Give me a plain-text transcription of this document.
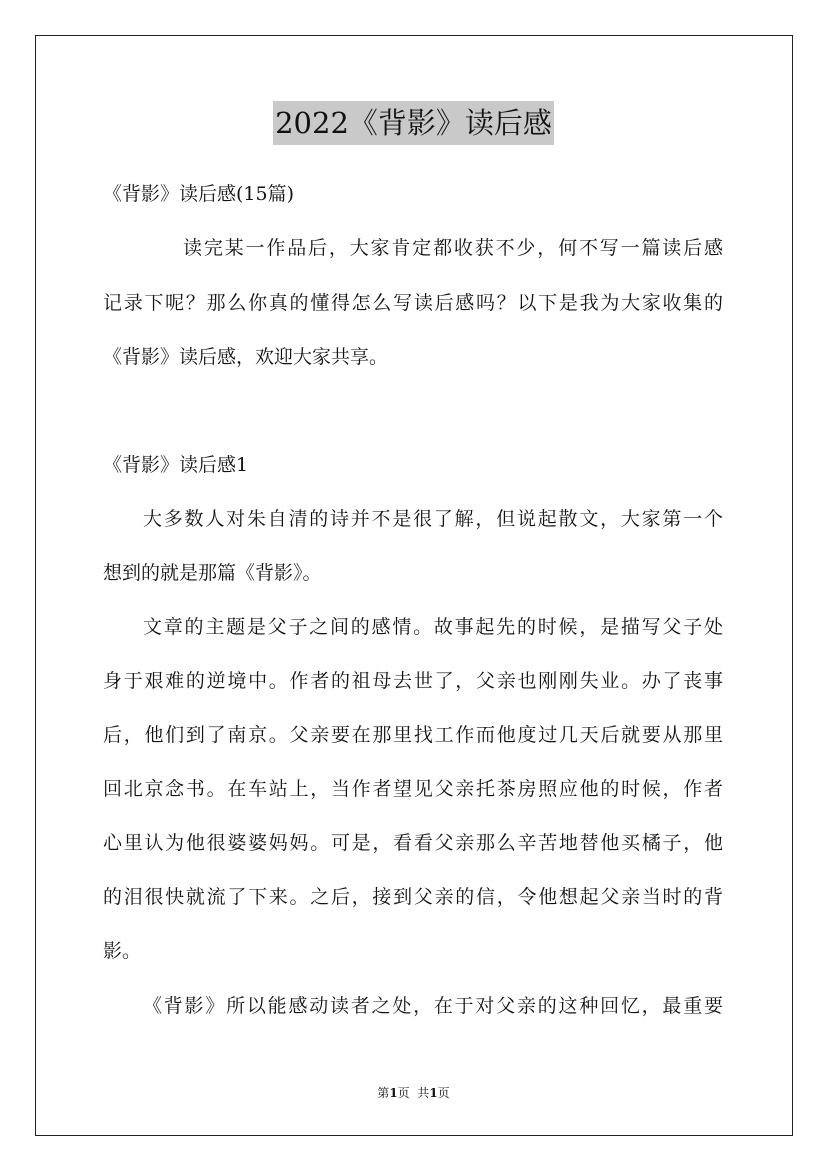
2022《背影》读后感
《背影》读后感(15篇)
读完某一作品后，大家肯定都收获不少，何不写一篇读后感
记录下呢？那么你真的懂得怎么写读后感吗？以下是我为大家收集的
《背影》读后感，欢迎大家共享。
《背影》读后感1
大多数人对朱自清的诗并不是很了解，但说起散文，大家第一个
想到的就是那篇《背影》。
文章的主题是父子之间的感情。故事起先的时候，是描写父子处
身于艰难的逆境中。作者的祖母去世了，父亲也刚刚失业。办了丧事
后，他们到了南京。父亲要在那里找工作而他度过几天后就要从那里
回北京念书。在车站上，当作者望见父亲托茶房照应他的时候，作者
心里认为他很婆婆妈妈。可是，看看父亲那么辛苦地替他买橘子，他
的泪很快就流了下来。之后，接到父亲的信，令他想起父亲当时的背
影。
《背影》所以能感动读者之处，在于对父亲的这种回忆，最重要
第1页  共1页
